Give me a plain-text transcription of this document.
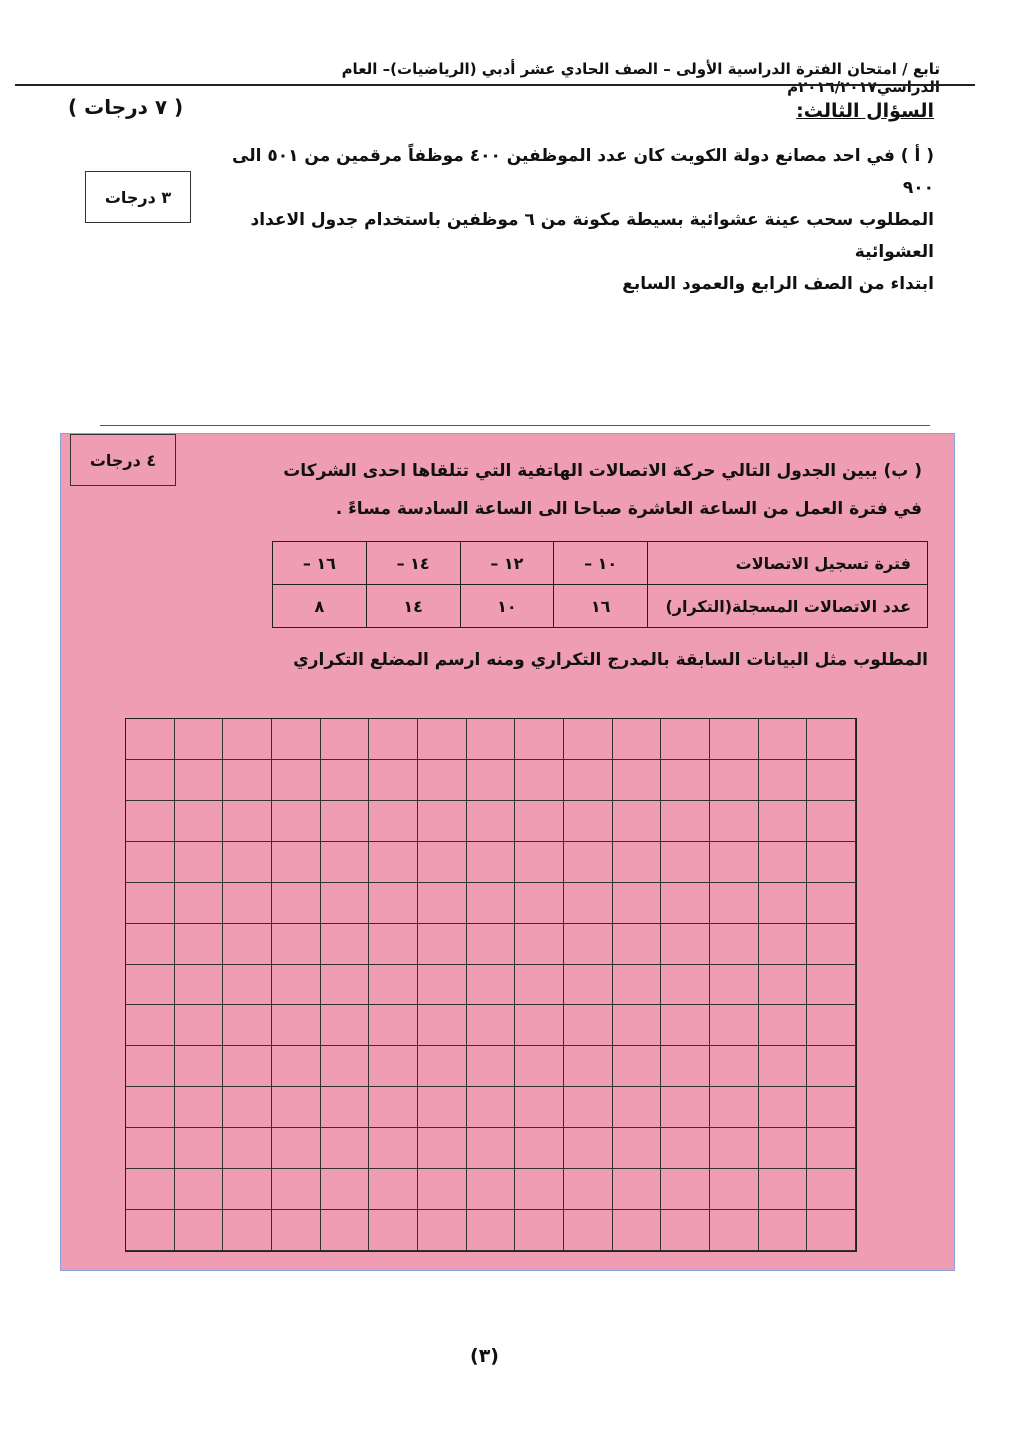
تابع / امتحان الفترة الدراسية الأولى – الصف الحادي عشر أدبي (الرياضيات)– العام الدراسي٢٠١٦/٢٠١٧م
السؤال الثالث:
( ٧ درجات )
( أ ) في احد مصانع دولة الكويت كان عدد الموظفين ٤٠٠ موظفاً مرقمين من ٥٠١ الى ٩٠٠
المطلوب سحب عينة عشوائية بسيطة مكونة من ٦ موظفين باستخدام جدول الاعداد العشوائية
ابتداء من الصف الرابع والعمود السابع
٣ درجات
٤ درجات
( ب) يبين الجدول التالي حركة الاتصالات الهاتفية التي تتلقاها احدى الشركات
في فترة العمل من الساعة العاشرة صباحا الى الساعة السادسة مساءً .
فترة تسجيل الاتصالات	١٠ –	١٢ –	١٤ –	١٦ –
عدد الاتصالات المسجلة(التكرار)	١٦	١٠	١٤	٨
المطلوب مثل البيانات السابقة بالمدرج التكراري ومنه ارسم المضلع التكراري
(٣)
